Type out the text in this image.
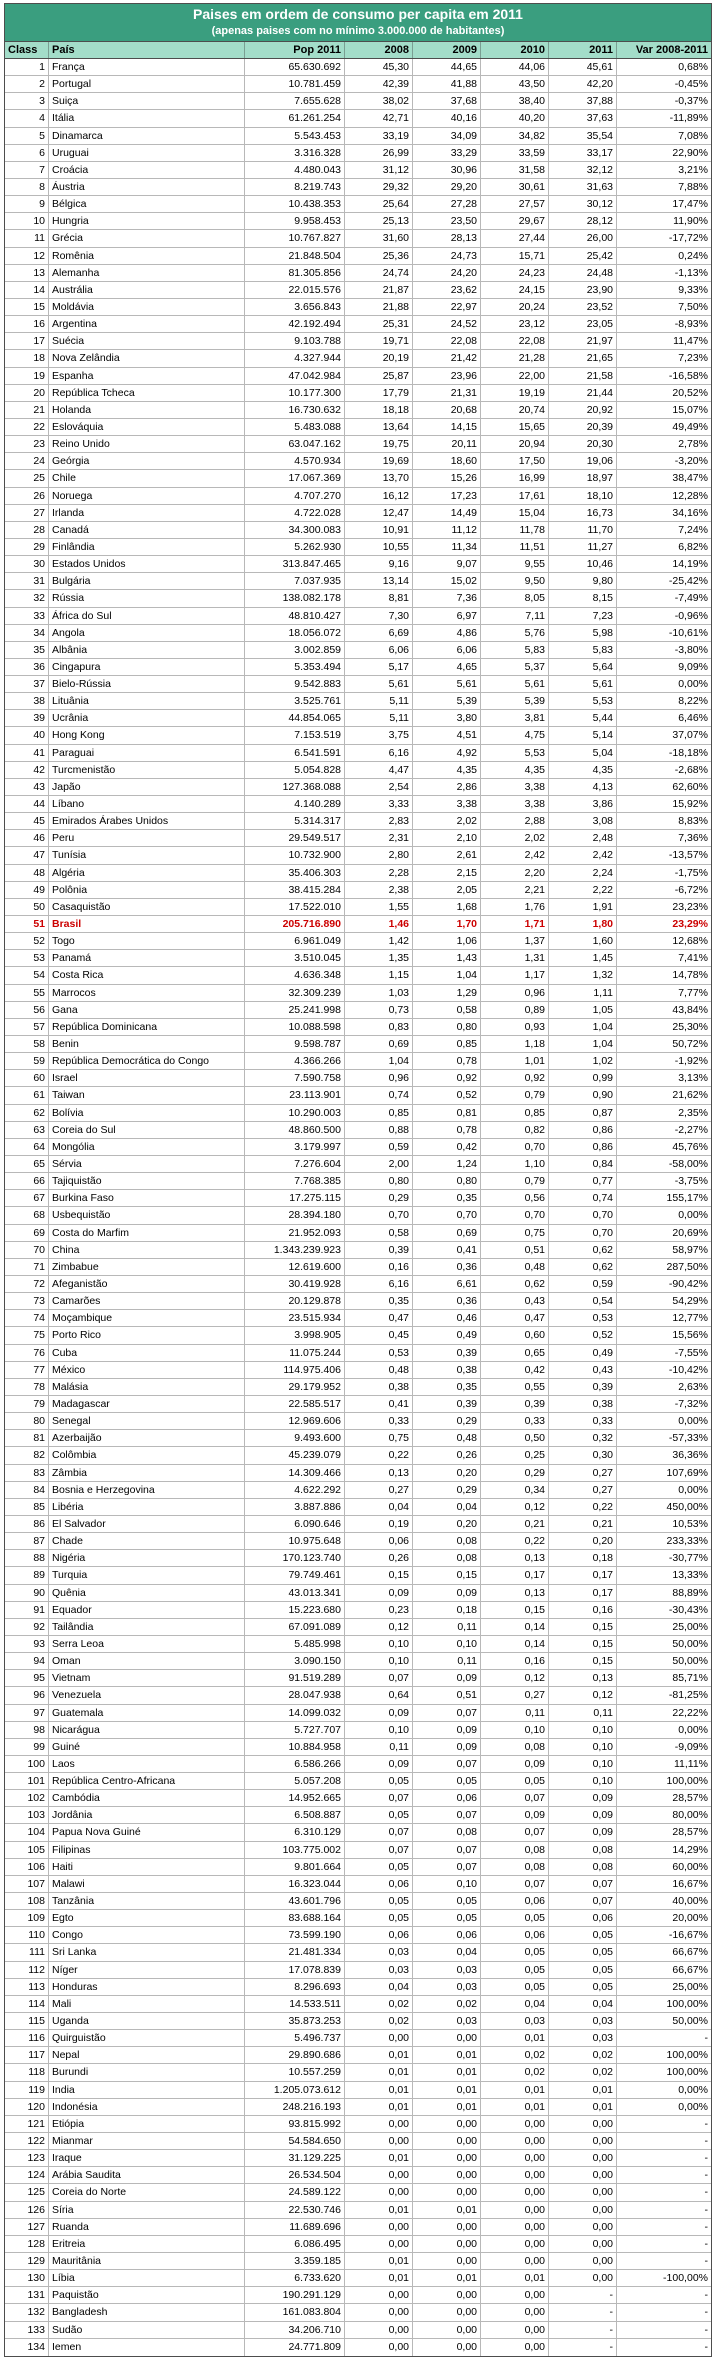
Paises em ordem de consumo per capita em 2011
(apenas paises com no mínimo 3.000.000 de habitantes)
Class	País	Pop 2011	2008	2009	2010	2011	Var 2008-2011
1 França	65.630.692	45,30	44,65	44,06	45,61	0,68%
2 Portugal	10.781.459	42,39	41,88	43,50	42,20	-0,45%
3 Suiça	7.655.628	38,02	37,68	38,40	37,88	-0,37%
4 Itália	61.261.254	42,71	40,16	40,20	37,63	-11,89%
5 Dinamarca	5.543.453	33,19	34,09	34,82	35,54	7,08%
6 Uruguai	3.316.328	26,99	33,29	33,59	33,17	22,90%
7 Croácia	4.480.043	31,12	30,96	31,58	32,12	3,21%
8 Áustria	8.219.743	29,32	29,20	30,61	31,63	7,88%
9 Bélgica	10.438.353	25,64	27,28	27,57	30,12	17,47%
10 Hungria	9.958.453	25,13	23,50	29,67	28,12	11,90%
11 Grécia	10.767.827	31,60	28,13	27,44	26,00	-17,72%
12 Romênia	21.848.504	25,36	24,73	15,71	25,42	0,24%
13 Alemanha	81.305.856	24,74	24,20	24,23	24,48	-1,13%
14 Austrália	22.015.576	21,87	23,62	24,15	23,90	9,33%
15 Moldávia	3.656.843	21,88	22,97	20,24	23,52	7,50%
16 Argentina	42.192.494	25,31	24,52	23,12	23,05	-8,93%
17 Suécia	9.103.788	19,71	22,08	22,08	21,97	11,47%
18 Nova Zelândia	4.327.944	20,19	21,42	21,28	21,65	7,23%
19 Espanha	47.042.984	25,87	23,96	22,00	21,58	-16,58%
20 República Tcheca	10.177.300	17,79	21,31	19,19	21,44	20,52%
21 Holanda	16.730.632	18,18	20,68	20,74	20,92	15,07%
22 Eslováquia	5.483.088	13,64	14,15	15,65	20,39	49,49%
23 Reino Unido	63.047.162	19,75	20,11	20,94	20,30	2,78%
24 Geórgia	4.570.934	19,69	18,60	17,50	19,06	-3,20%
25 Chile	17.067.369	13,70	15,26	16,99	18,97	38,47%
26 Noruega	4.707.270	16,12	17,23	17,61	18,10	12,28%
27 Irlanda	4.722.028	12,47	14,49	15,04	16,73	34,16%
28 Canadá	34.300.083	10,91	11,12	11,78	11,70	7,24%
29 Finlândia	5.262.930	10,55	11,34	11,51	11,27	6,82%
30 Estados Unidos	313.847.465	9,16	9,07	9,55	10,46	14,19%
31 Bulgária	7.037.935	13,14	15,02	9,50	9,80	-25,42%
32 Rússia	138.082.178	8,81	7,36	8,05	8,15	-7,49%
33 África do Sul	48.810.427	7,30	6,97	7,11	7,23	-0,96%
34 Angola	18.056.072	6,69	4,86	5,76	5,98	-10,61%
35 Albânia	3.002.859	6,06	6,06	5,83	5,83	-3,80%
36 Cingapura	5.353.494	5,17	4,65	5,37	5,64	9,09%
37 Bielo-Rússia	9.542.883	5,61	5,61	5,61	5,61	0,00%
38 Lituânia	3.525.761	5,11	5,39	5,39	5,53	8,22%
39 Ucrânia	44.854.065	5,11	3,80	3,81	5,44	6,46%
40 Hong Kong	7.153.519	3,75	4,51	4,75	5,14	37,07%
41 Paraguai	6.541.591	6,16	4,92	5,53	5,04	-18,18%
42 Turcmenistão	5.054.828	4,47	4,35	4,35	4,35	-2,68%
43 Japão	127.368.088	2,54	2,86	3,38	4,13	62,60%
44 Líbano	4.140.289	3,33	3,38	3,38	3,86	15,92%
45 Emirados Árabes Unidos	5.314.317	2,83	2,02	2,88	3,08	8,83%
46 Peru	29.549.517	2,31	2,10	2,02	2,48	7,36%
47 Tunísia	10.732.900	2,80	2,61	2,42	2,42	-13,57%
48 Algéria	35.406.303	2,28	2,15	2,20	2,24	-1,75%
49 Polônia	38.415.284	2,38	2,05	2,21	2,22	-6,72%
50 Casaquistão	17.522.010	1,55	1,68	1,76	1,91	23,23%
51 Brasil	205.716.890	1,46	1,70	1,71	1,80	23,29%
52 Togo	6.961.049	1,42	1,06	1,37	1,60	12,68%
53 Panamá	3.510.045	1,35	1,43	1,31	1,45	7,41%
54 Costa Rica	4.636.348	1,15	1,04	1,17	1,32	14,78%
55 Marrocos	32.309.239	1,03	1,29	0,96	1,11	7,77%
56 Gana	25.241.998	0,73	0,58	0,89	1,05	43,84%
57 República Dominicana	10.088.598	0,83	0,80	0,93	1,04	25,30%
58 Benin	9.598.787	0,69	0,85	1,18	1,04	50,72%
59 República Democrática do Congo	4.366.266	1,04	0,78	1,01	1,02	-1,92%
60 Israel	7.590.758	0,96	0,92	0,92	0,99	3,13%
61 Taiwan	23.113.901	0,74	0,52	0,79	0,90	21,62%
62 Bolívia	10.290.003	0,85	0,81	0,85	0,87	2,35%
63 Coreia do Sul	48.860.500	0,88	0,78	0,82	0,86	-2,27%
64 Mongólia	3.179.997	0,59	0,42	0,70	0,86	45,76%
65 Sérvia	7.276.604	2,00	1,24	1,10	0,84	-58,00%
66 Tajiquistão	7.768.385	0,80	0,80	0,79	0,77	-3,75%
67 Burkina Faso	17.275.115	0,29	0,35	0,56	0,74	155,17%
68 Usbequistão	28.394.180	0,70	0,70	0,70	0,70	0,00%
69 Costa do Marfim	21.952.093	0,58	0,69	0,75	0,70	20,69%
70 China	1.343.239.923	0,39	0,41	0,51	0,62	58,97%
71 Zimbabue	12.619.600	0,16	0,36	0,48	0,62	287,50%
72 Afeganistão	30.419.928	6,16	6,61	0,62	0,59	-90,42%
73 Camarões	20.129.878	0,35	0,36	0,43	0,54	54,29%
74 Moçambique	23.515.934	0,47	0,46	0,47	0,53	12,77%
75 Porto Rico	3.998.905	0,45	0,49	0,60	0,52	15,56%
76 Cuba	11.075.244	0,53	0,39	0,65	0,49	-7,55%
77 México	114.975.406	0,48	0,38	0,42	0,43	-10,42%
78 Malásia	29.179.952	0,38	0,35	0,55	0,39	2,63%
79 Madagascar	22.585.517	0,41	0,39	0,39	0,38	-7,32%
80 Senegal	12.969.606	0,33	0,29	0,33	0,33	0,00%
81 Azerbaijão	9.493.600	0,75	0,48	0,50	0,32	-57,33%
82 Colômbia	45.239.079	0,22	0,26	0,25	0,30	36,36%
83 Zâmbia	14.309.466	0,13	0,20	0,29	0,27	107,69%
84 Bosnia e Herzegovina	4.622.292	0,27	0,29	0,34	0,27	0,00%
85 Libéria	3.887.886	0,04	0,04	0,12	0,22	450,00%
86 El Salvador	6.090.646	0,19	0,20	0,21	0,21	10,53%
87 Chade	10.975.648	0,06	0,08	0,22	0,20	233,33%
88 Nigéria	170.123.740	0,26	0,08	0,13	0,18	-30,77%
89 Turquia	79.749.461	0,15	0,15	0,17	0,17	13,33%
90 Quênia	43.013.341	0,09	0,09	0,13	0,17	88,89%
91 Equador	15.223.680	0,23	0,18	0,15	0,16	-30,43%
92 Tailândia	67.091.089	0,12	0,11	0,14	0,15	25,00%
93 Serra Leoa	5.485.998	0,10	0,10	0,14	0,15	50,00%
94 Oman	3.090.150	0,10	0,11	0,16	0,15	50,00%
95 Vietnam	91.519.289	0,07	0,09	0,12	0,13	85,71%
96 Venezuela	28.047.938	0,64	0,51	0,27	0,12	-81,25%
97 Guatemala	14.099.032	0,09	0,07	0,11	0,11	22,22%
98 Nicarágua	5.727.707	0,10	0,09	0,10	0,10	0,00%
99 Guiné	10.884.958	0,11	0,09	0,08	0,10	-9,09%
100 Laos	6.586.266	0,09	0,07	0,09	0,10	11,11%
101 República Centro-Africana	5.057.208	0,05	0,05	0,05	0,10	100,00%
102 Cambódia	14.952.665	0,07	0,06	0,07	0,09	28,57%
103 Jordânia	6.508.887	0,05	0,07	0,09	0,09	80,00%
104 Papua Nova Guiné	6.310.129	0,07	0,08	0,07	0,09	28,57%
105 Filipinas	103.775.002	0,07	0,07	0,08	0,08	14,29%
106 Haiti	9.801.664	0,05	0,07	0,08	0,08	60,00%
107 Malawi	16.323.044	0,06	0,10	0,07	0,07	16,67%
108 Tanzânia	43.601.796	0,05	0,05	0,06	0,07	40,00%
109 Egto	83.688.164	0,05	0,05	0,05	0,06	20,00%
110 Congo	73.599.190	0,06	0,06	0,06	0,05	-16,67%
111 Sri Lanka	21.481.334	0,03	0,04	0,05	0,05	66,67%
112 Níger	17.078.839	0,03	0,03	0,05	0,05	66,67%
113 Honduras	8.296.693	0,04	0,03	0,05	0,05	25,00%
114 Mali	14.533.511	0,02	0,02	0,04	0,04	100,00%
115 Uganda	35.873.253	0,02	0,03	0,03	0,03	50,00%
116 Quirguistão	5.496.737	0,00	0,00	0,01	0,03	-
117 Nepal	29.890.686	0,01	0,01	0,02	0,02	100,00%
118 Burundi	10.557.259	0,01	0,01	0,02	0,02	100,00%
119 India	1.205.073.612	0,01	0,01	0,01	0,01	0,00%
120 Indonésia	248.216.193	0,01	0,01	0,01	0,01	0,00%
121 Etiópia	93.815.992	0,00	0,00	0,00	0,00	-
122 Mianmar	54.584.650	0,00	0,00	0,00	0,00	-
123 Iraque	31.129.225	0,01	0,00	0,00	0,00	-
124 Arábia Saudita	26.534.504	0,00	0,00	0,00	0,00	-
125 Coreia do Norte	24.589.122	0,00	0,00	0,00	0,00	-
126 Síria	22.530.746	0,01	0,01	0,00	0,00	-
127 Ruanda	11.689.696	0,00	0,00	0,00	0,00	-
128 Eritreia	6.086.495	0,00	0,00	0,00	0,00	-
129 Mauritânia	3.359.185	0,01	0,00	0,00	0,00	-
130 Líbia	6.733.620	0,01	0,01	0,01	0,00	-100,00%
131 Paquistão	190.291.129	0,00	0,00	0,00	-	-
132 Bangladesh	161.083.804	0,00	0,00	0,00	-	-
133 Sudão	34.206.710	0,00	0,00	0,00	-	-
134 Iemen	24.771.809	0,00	0,00	0,00	-	-
